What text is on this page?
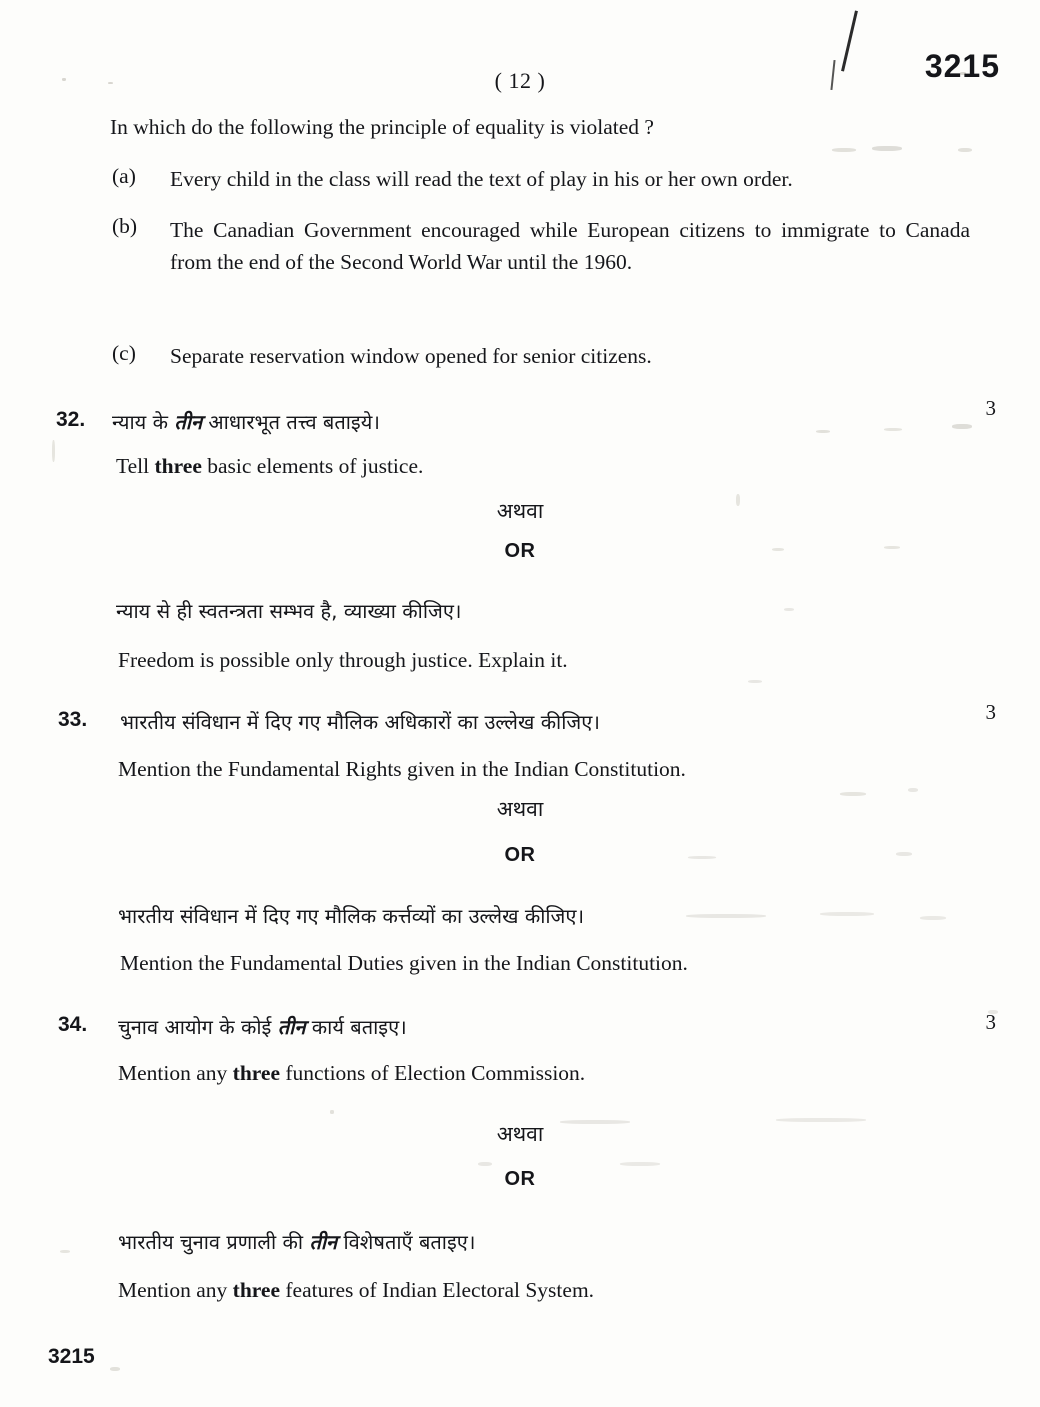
( 12 )	3215
In which do the following the principle of equality is violated ?
(a) Every child in the class will read the text of play in his or her own order.
(b) The Canadian Government encouraged while European citizens to immigrate to Canada from the end of the Second World War until the 1960.
(c) Separate reservation window opened for senior citizens.
32.	3
न्याय के तीन आधारभूत तत्त्व बताइये।
Tell three basic elements of justice.
अथवा
OR
न्याय से ही स्वतन्त्रता सम्भव है, व्याख्या कीजिए।
Freedom is possible only through justice. Explain it.
33.	3
भारतीय संविधान में दिए गए मौलिक अधिकारों का उल्लेख कीजिए।
Mention the Fundamental Rights given in the Indian Constitution.
अथवा
OR
भारतीय संविधान में दिए गए मौलिक कर्त्तव्यों का उल्लेख कीजिए।
Mention the Fundamental Duties given in the Indian Constitution.
34.	3
चुनाव आयोग के कोई तीन कार्य बताइए।
Mention any three functions of Election Commission.
अथवा
OR
भारतीय चुनाव प्रणाली की तीन विशेषताएँ बताइए।
Mention any three features of Indian Electoral System.
3215
